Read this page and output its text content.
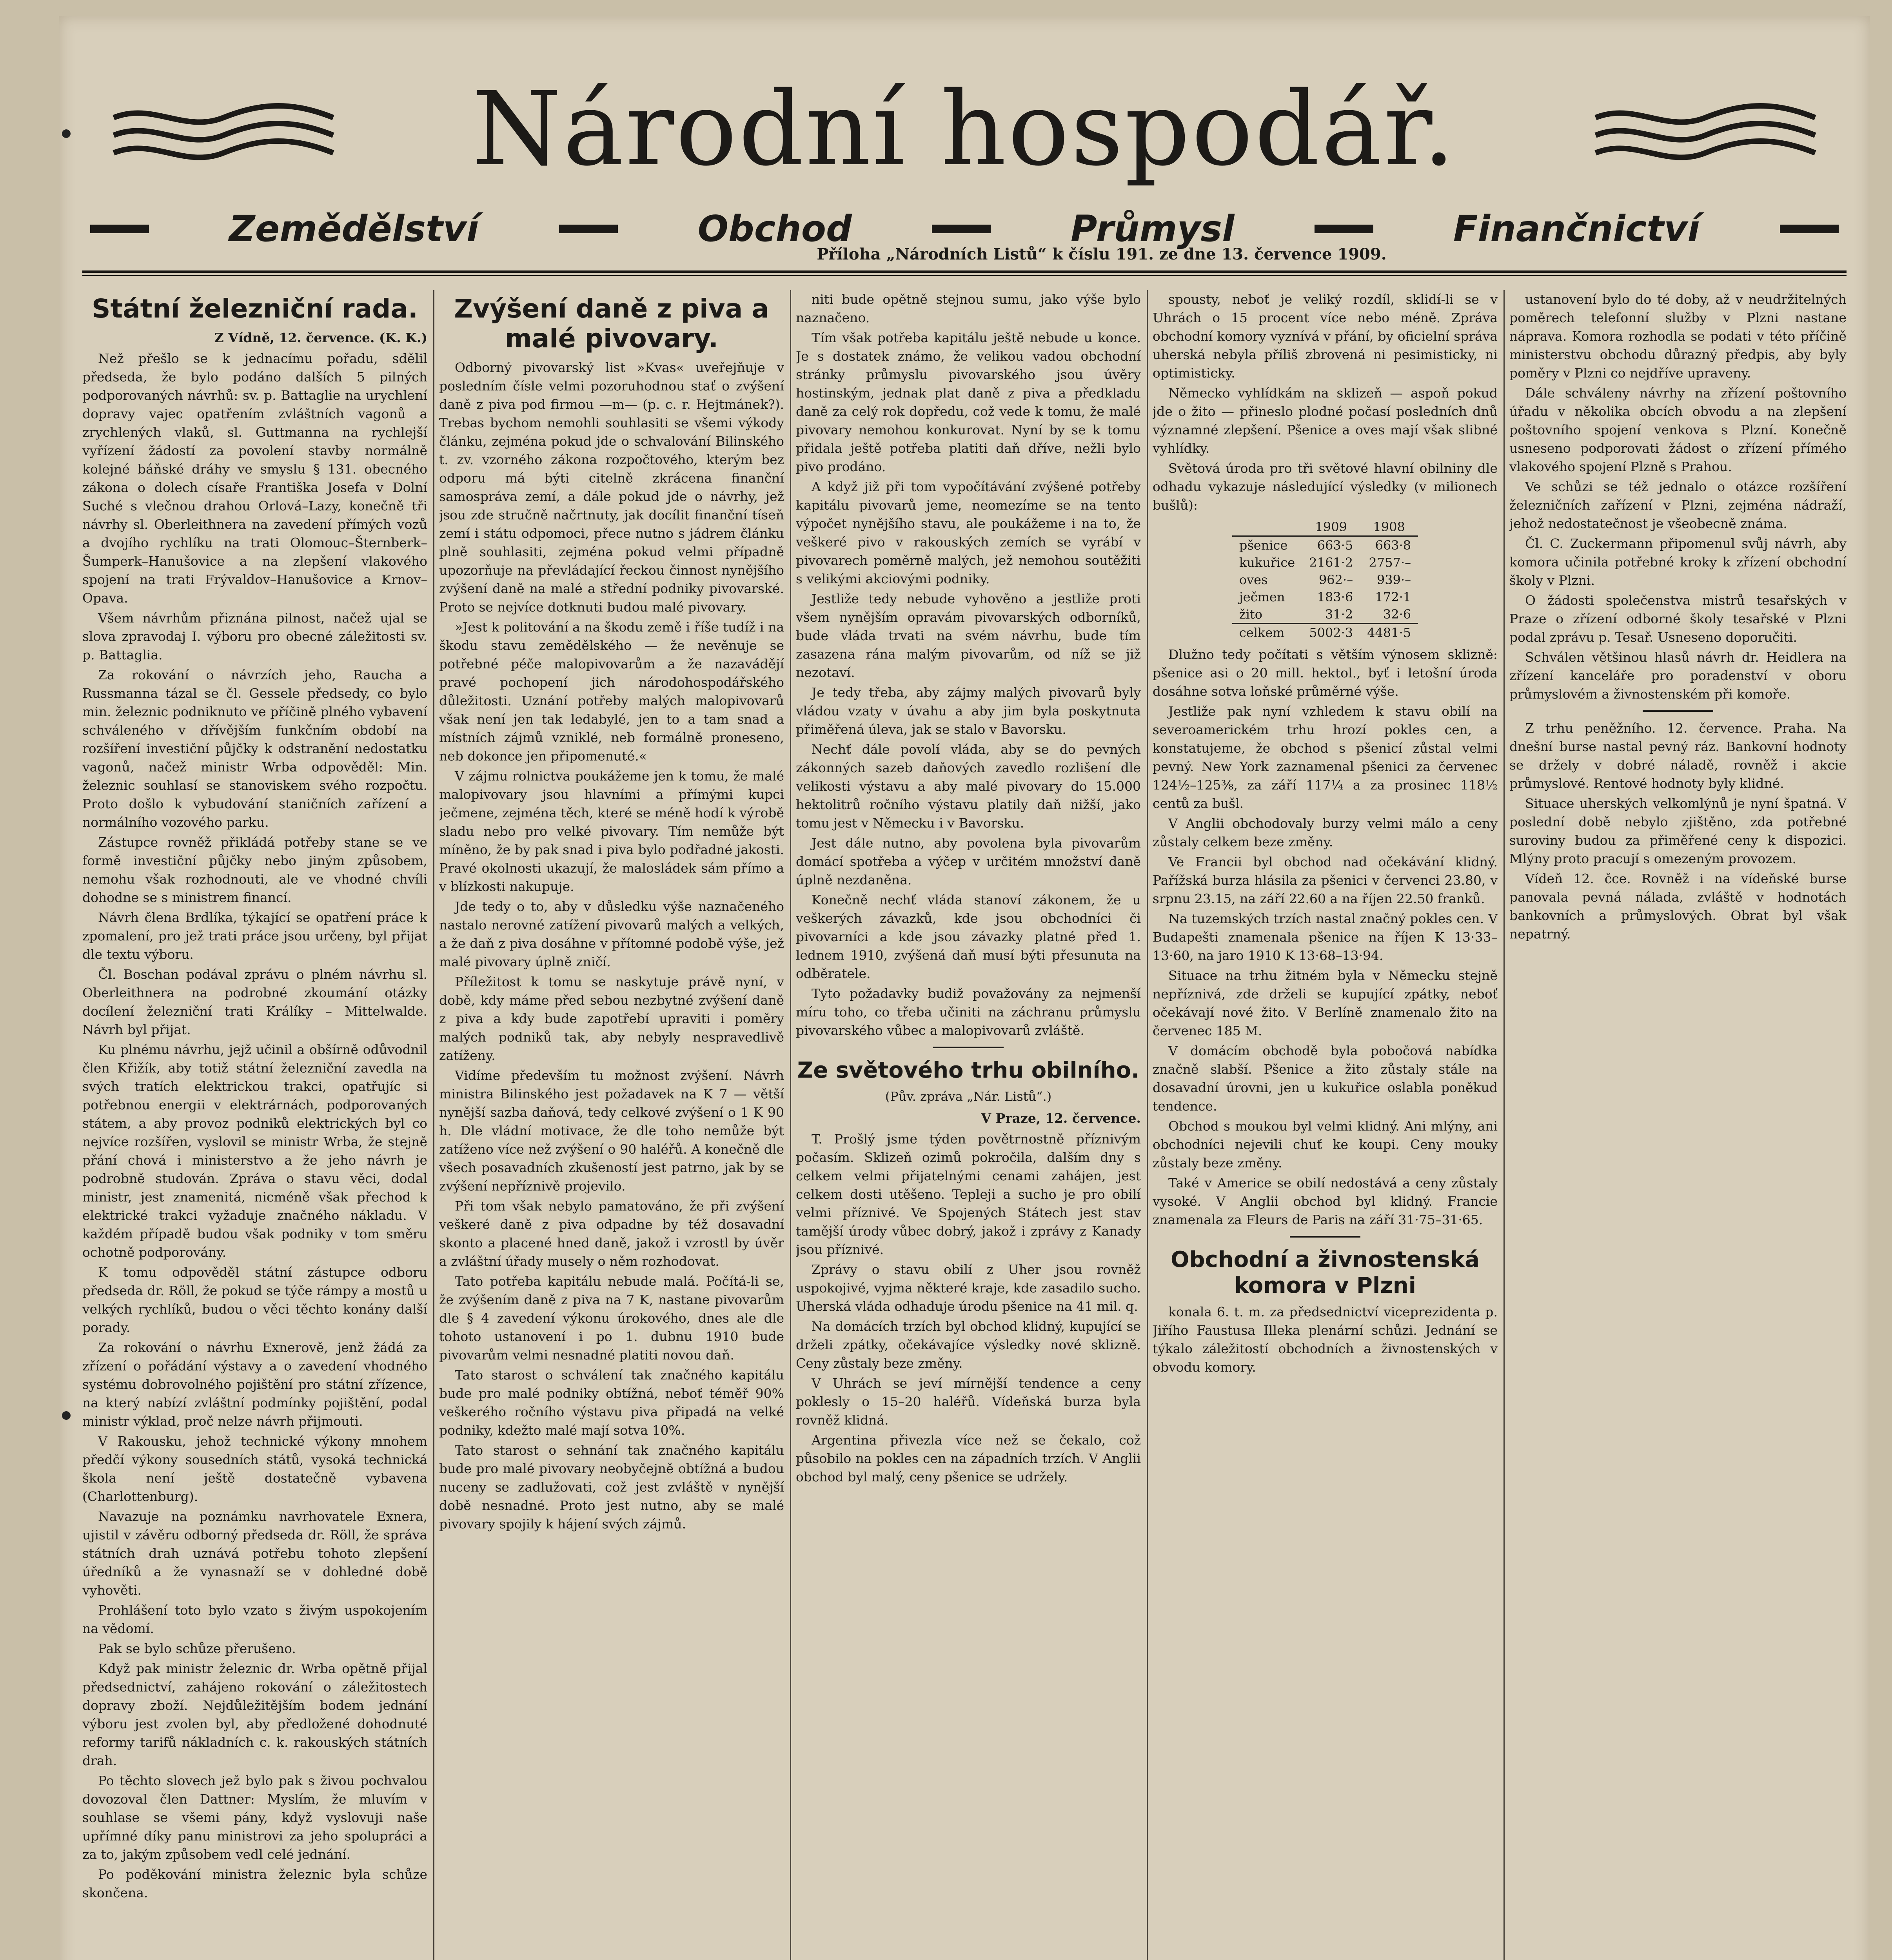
Národní hospodář.
Zemědělství	Obchod	Průmysl	Finančnictví
Příloha „Národních Listů“ k číslu 191. ze dne 13. července 1909.
Státní železniční rada.
Z Vídně, 12. července. (K. K.)

Než přešlo se k jednacímu pořadu, sdělil předseda, že bylo podáno dalších 5 pilných podporovaných návrhů: sv. p. Battaglie na urychlení dopravy vajec opatřením zvláštních vagonů a zrychlených vlaků, sl. Guttmanna na rychlejší vyřízení žádostí za povolení stavby normálně kolejné báňské dráhy ve smyslu § 131. obecného zákona o dolech císaře Františka Josefa v Dolní Suché s vlečnou drahou Orlová–Lazy, konečně tři návrhy sl. Oberleithnera na zavedení přímých vozů a dvojího rychlíku na trati Olomouc–Šternberk–Šumperk–Hanušovice a na zlepšení vlakového spojení na trati Frývaldov–Hanušovice a Krnov–Opava.

Všem návrhům přiznána pilnost, načež ujal se slova zpravodaj I. výboru pro obecné záležitosti sv. p. Battaglia.

Za rokování o návrzích jeho, Raucha a Russmanna tázal se čl. Gessele předsedy, co bylo min. železnic podniknuto ve příčině plného vybavení schváleného v dřívějším funkčním období na rozšíření investiční půjčky k odstranění nedostatku vagonů, načež ministr Wrba odpověděl: Min. železnic souhlasí se stanoviskem svého rozpočtu. Proto došlo k vybudování staničních zařízení a normálního vozového parku.

Zástupce rovněž přikládá potřeby stane se ve formě investiční půjčky nebo jiným způsobem, nemohu však rozhodnouti, ale ve vhodné chvíli dohodne se s ministrem financí.

Návrh člena Brdlíka, týkající se opatření práce k zpomalení, pro jež trati práce jsou určeny, byl přijat dle textu výboru.

Čl. Boschan podával zprávu o plném návrhu sl. Oberleithnera na podrobné zkoumání otázky docílení železniční trati Králíky – Mittelwalde. Návrh byl přijat.

Ku plnému návrhu, jejž učinil a obšírně odůvodnil člen Křižík, aby totiž státní železniční zavedla na svých tratích elektrickou trakci, opatřujíc si potřebnou energii v elektrárnách, podporovaných státem, a aby provoz podniků elektrických byl co nejvíce rozšířen, vyslovil se ministr Wrba, že stejně přání chová i ministerstvo a že jeho návrh je podrobně studován. Zpráva o stavu věci, dodal ministr, jest znamenitá, nicméně však přechod k elektrické trakci vyžaduje značného nákladu. V každém případě budou však podniky v tom směru ochotně podporovány.

K tomu odpověděl státní zástupce odboru předseda dr. Röll, že pokud se týče rámpy a mostů u velkých rychlíků, budou o věci těchto konány další porady.

Za rokování o návrhu Exnerově, jenž žádá za zřízení o pořádání výstavy a o zavedení vhodného systému dobrovolného pojištění pro státní zřízence, na který nabízí zvláštní podmínky pojištění, podal ministr výklad, proč nelze návrh přijmouti.

V Rakousku, jehož technické výkony mnohem předčí výkony sousedních států, vysoká technická škola není ještě dostatečně vybavena (Charlottenburg).

Navazuje na poznámku navrhovatele Exnera, ujistil v závěru odborný předseda dr. Röll, že správa státních drah uznává potřebu tohoto zlepšení úředníků a že vynasnaží se v dohledné době vyhověti.

Prohlášení toto bylo vzato s živým uspokojením na vědomí.

Pak se bylo schůze přerušeno.

Když pak ministr železnic dr. Wrba opětně přijal předsednictví, zahájeno rokování o záležitostech dopravy zboží. Nejdůležitějším bodem jednání výboru jest zvolen byl, aby předložené dohodnuté reformy tarifů nákladních c. k. rakouských státních drah.

Po těchto slovech jež bylo pak s živou pochvalou dovozoval člen Dattner: Myslím, že mluvím v souhlase se všemi pány, když vyslovuji naše upřímné díky panu ministrovi za jeho spolupráci a za to, jakým způsobem vedl celé jednání.

Po poděkování ministra železnic byla schůze skončena.

Zvýšení daně z piva a malé pivovary.

Odborný pivovarský list »Kvas« uveřejňuje v posledním čísle velmi pozoruhodnou stať o zvýšení daně z piva pod firmou —m— (p. c. r. Hejtmánek?). Trebas bychom nemohli souhlasiti se všemi výkody článku, zejména pokud jde o schvalování Bilinského t. zv. vzorného zákona rozpočtového, kterým bez odporu má býti citelně zkrácena finanční samospráva zemí, a dále pokud jde o návrhy, jež jsou zde stručně načrtnuty, jak docílit finanční tíseň zemí i státu odpomoci, přece nutno s jádrem článku plně souhlasiti, zejména pokud velmi případně upozorňuje na převládající řeckou činnost nynějšího zvýšení daně na malé a střední podniky pivovarské. Proto se nejvíce dotknuti budou malé pivovary.

»Jest k politování a na škodu země i říše tudíž i na škodu stavu zemědělského — že nevěnuje se potřebné péče malopivovarům a že nazavádějí pravé pochopení jich národohospodářského důležitosti. Uznání potřeby malých malopivovarů však není jen tak ledabylé, jen to a tam snad a místních zájmů vzniklé, neb formálně proneseno, neb dokonce jen připomenuté.«

V zájmu rolnictva poukážeme jen k tomu, že malé malopivovary jsou hlavními a přímými kupci ječmene, zejména těch, které se méně hodí k výrobě sladu nebo pro velké pivovary. Tím nemůže být míněno, že by pak snad i piva bylo podřadné jakosti. Pravé okolnosti ukazují, že malosládek sám přímo a v blízkosti nakupuje.

Jde tedy o to, aby v důsledku výše naznačeného nastalo nerovné zatížení pivovarů malých a velkých, a že daň z piva dosáhne v přítomné podobě výše, jež malé pivovary úplně zničí.

Příležitost k tomu se naskytuje právě nyní, v době, kdy máme před sebou nezbytné zvýšení daně z piva a kdy bude zapotřebí upraviti i poměry malých podniků tak, aby nebyly nespravedlivě zatíženy.

Vidíme především tu možnost zvýšení. Návrh ministra Bilinského jest požadavek na K 7 — větší nynější sazba daňová, tedy celkové zvýšení o 1 K 90 h. Dle vládní motivace, že dle toho nemůže být zatíženo více než zvýšení o 90 haléřů. A konečně dle všech posavadních zkušeností jest patrno, jak by se zvýšení nepříznivě projevilo.

Při tom však nebylo pamatováno, že při zvýšení veškeré daně z piva odpadne by též dosavadní skonto a placené hned daně, jakož i vzrostl by úvěr a zvláštní úřady musely o něm rozhodovat.

Tato potřeba kapitálu nebude malá. Počítá-li se, že zvýšením daně z piva na 7 K, nastane pivovarům dle § 4 zavedení výkonu úrokového, dnes ale dle tohoto ustanovení i po 1. dubnu 1910 bude pivovarům velmi nesnadné platiti novou daň.

Tato starost o schválení tak značného kapitálu bude pro malé podniky obtížná, neboť téměř 90% veškerého ročního výstavu piva připadá na velké podniky, kdežto malé mají sotva 10%.

Tato starost o sehnání tak značného kapitálu bude pro malé pivovary neobyčejně obtížná a budou nuceny se zadlužovati, což jest zvláště v nynější době nesnadné. Proto jest nutno, aby se malé pivovary spojily k hájení svých zájmů.

niti bude opětně stejnou sumu, jako výše bylo naznačeno.

Tím však potřeba kapitálu ještě nebude u konce. Je s dostatek známo, že velikou vadou obchodní stránky průmyslu pivovarského jsou úvěry hostinským, jednak plat daně z piva a předkladu daně za celý rok dopředu, což vede k tomu, že malé pivovary nemohou konkurovat. Nyní by se k tomu přidala ještě potřeba platiti daň dříve, nežli bylo pivo prodáno.

A když již při tom vypočítávání zvýšené potřeby kapitálu pivovarů jeme, neomezíme se na tento výpočet nynějšího stavu, ale poukážeme i na to, že veškeré pivo v rakouských zemích se vyrábí v pivovarech poměrně malých, jež nemohou soutěžiti s velikými akciovými podniky.

Jestliže tedy nebude vyhověno a jestliže proti všem nynějším opravám pivovarských odborníků, bude vláda trvati na svém návrhu, bude tím zasazena rána malým pivovarům, od níž se již nezotaví.

Je tedy třeba, aby zájmy malých pivovarů byly vládou vzaty v úvahu a aby jim byla poskytnuta přiměřená úleva, jak se stalo v Bavorsku.

Nechť dále povolí vláda, aby se do pevných zákonných sazeb daňových zavedlo rozlišení dle velikosti výstavu a aby malé pivovary do 15.000 hektolitrů ročního výstavu platily daň nižší, jako tomu jest v Německu i v Bavorsku.

Jest dále nutno, aby povolena byla pivovarům domácí spotřeba a výčep v určitém množství daně úplně nezdaněna.

Konečně nechť vláda stanoví zákonem, že u veškerých závazků, kde jsou obchodníci či pivovarníci a kde jsou závazky platné před 1. lednem 1910, zvýšená daň musí býti přesunuta na odběratele.

Tyto požadavky budiž považovány za nejmenší míru toho, co třeba učiniti na záchranu průmyslu pivovarského vůbec a malopivovarů zvláště.

Ze světového trhu obilního.
(Pův. zpráva „Nár. Listů“.)
V Praze, 12. července.

T. Prošlý jsme týden povětrnostně příznivým počasím. Sklizeň ozimů pokročila, dalším dny s celkem velmi přijatelnými cenami zahájen, jest celkem dosti utěšeno. Tepleji a sucho je pro obilí velmi příznivé. Ve Spojených Státech jest stav tamější úrody vůbec dobrý, jakož i zprávy z Kanady jsou příznivé.

Zprávy o stavu obilí z Uher jsou rovněž uspokojivé, vyjma některé kraje, kde zasadilo sucho. Uherská vláda odhaduje úrodu pšenice na 41 mil. q.

Na domácích trzích byl obchod klidný, kupující se drželi zpátky, očekávajíce výsledky nové sklizně. Ceny zůstaly beze změny.

V Uhrách se jeví mírnější tendence a ceny poklesly o 15–20 haléřů. Vídeňská burza byla rovněž klidná.

Argentina přivezla více než se čekalo, což působilo na pokles cen na západních trzích. V Anglii obchod byl malý, ceny pšenice se udržely.

spousty, neboť je veliký rozdíl, sklidí-li se v Uhrách o 15 procent více nebo méně. Zpráva obchodní komory vyznívá v přání, by oficielní správa uherská nebyla příliš zbrovená ni pesimisticky, ni optimisticky.

Německo vyhlídkám na sklizeň — aspoň pokud jde o žito — přineslo plodné počasí posledních dnů významné zlepšení. Pšenice a oves mají však slibné vyhlídky.

Světová úroda pro tři světové hlavní obilniny dle odhadu vykazuje následující výsledky (v milionech bušlů):

	1909	1908
pšenice	663·5	663·8
kukuřice	2161·2	2757·–
oves	962·–	939·–
ječmen	183·6	172·1
žito	31·2	32·6
celkem	5002·3	4481·5

Dlužno tedy počítati s větším výnosem sklizně: pšenice asi o 20 mill. hektol., byť i letošní úroda dosáhne sotva loňské průměrné výše.

Jestliže pak nyní vzhledem k stavu obilí na severoamerickém trhu hrozí pokles cen, a konstatujeme, že obchod s pšenicí zůstal velmi pevný. New York zaznamenal pšenici za červenec 124½–125⅜, za září 117¼ a za prosinec 118½ centů za bušl.

V Anglii obchodovaly burzy velmi málo a ceny zůstaly celkem beze změny.

Ve Francii byl obchod nad očekávání klidný. Pařížská burza hlásila za pšenici v červenci 23.80, v srpnu 23.15, na září 22.60 a na říjen 22.50 franků.

Na tuzemských trzích nastal značný pokles cen. V Budapešti znamenala pšenice na říjen K 13·33–13·60, na jaro 1910 K 13·68–13·94.

Situace na trhu žitném byla v Německu stejně nepříznivá, zde drželi se kupující zpátky, neboť očekávají nové žito. V Berlíně znamenalo žito na červenec 185 M.

V domácím obchodě byla pobočová nabídka značně slabší. Pšenice a žito zůstaly stále na dosavadní úrovni, jen u kukuřice oslabla poněkud tendence.

Obchod s moukou byl velmi klidný. Ani mlýny, ani obchodníci nejevili chuť ke koupi. Ceny mouky zůstaly beze změny.

Také v Americe se obilí nedostává a ceny zůstaly vysoké. V Anglii obchod byl klidný. Francie znamenala za Fleurs de Paris na září 31·75–31·65.

Obchodní a živnostenská komora v Plzni

konala 6. t. m. za předsednictví viceprezidenta p. Jiřího Faustusa Illeka plenární schůzi. Jednání se týkalo záležitostí obchodních a živnostenských v obvodu komory.

ustanovení bylo do té doby, až v neudržitelných poměrech telefonní služby v Plzni nastane náprava. Komora rozhodla se podati v této příčině ministerstvu obchodu důrazný předpis, aby byly poměry v Plzni co nejdříve upraveny.

Dále schváleny návrhy na zřízení poštovního úřadu v několika obcích obvodu a na zlepšení poštovního spojení venkova s Plzní. Konečně usneseno podporovati žádost o zřízení přímého vlakového spojení Plzně s Prahou.

Ve schůzi se též jednalo o otázce rozšíření železničních zařízení v Plzni, zejména nádraží, jehož nedostatečnost je všeobecně známa.

Čl. C. Zuckermann připomenul svůj návrh, aby komora učinila potřebné kroky k zřízení obchodní školy v Plzni.

O žádosti společenstva mistrů tesařských v Praze o zřízení odborné školy tesařské v Plzni podal zprávu p. Tesař. Usneseno doporučiti.

Schválen většinou hlasů návrh dr. Heidlera na zřízení kanceláře pro poradenství v oboru průmyslovém a živnostenském při komoře.

Z trhu peněžního. 12. července. Praha. Na dnešní burse nastal pevný ráz. Bankovní hodnoty se držely v dobré náladě, rovněž i akcie průmyslové. Rentové hodnoty byly klidné.

Situace uherských velkomlýnů je nyní špatná. V poslední době nebylo zjištěno, zda potřebné suroviny budou za přiměřené ceny k dispozici. Mlýny proto pracují s omezeným provozem.

Vídeň 12. čce. Rovněž i na vídeňské burse panovala pevná nálada, zvláště v hodnotách bankovních a průmyslových. Obrat byl však nepatrný.
